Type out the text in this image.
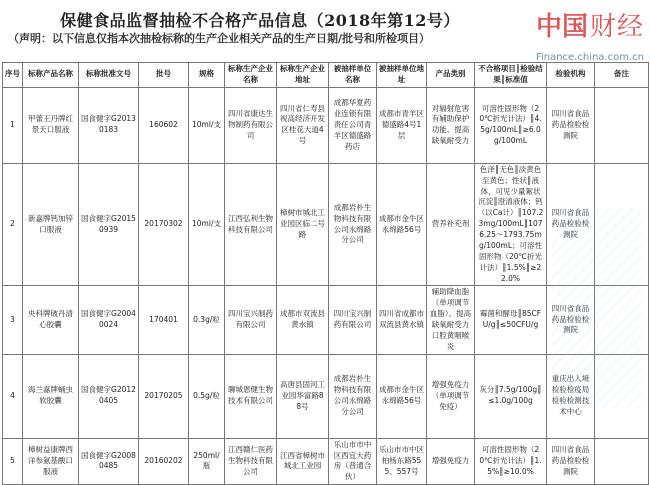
保健食品监督抽检不合格产品信息（2018年第12号）
（声明：以下信息仅指本次抽检标称的生产企业相关产品的生产日期/批号和所检项目）	中国 财经
Finance.china.com.cn
序号	标称产品名称	标称批准文号	批号	规格	标称生产企业名称	标称生产企业地址	被抽样单位名称	被抽样单位地址	产品类别	不合格项目║检验结果║标准值	检验机构	备注
1	甲蕾王丹牌红景天口服液	国食健字G20130183	160602	10ml/支	四川省康达生物制药有限公司	四川省仁寿县视高经济开发区桂花大道4号	成都华夏药业连锁有限责任公司青羊区德盛路药店	成都市青羊区德盛路4号1层	对辐射危害有辅助保护功能、提高缺氧耐受力	可溶性固形物（20℃折光计法）║4.5g/100mL║≥6.0g/100mL	四川省食品药品检验检测院	
2	新嘉牌钙加锌口服液	国食健字G20150939	20170302	10ml/支	江西弘利生物科技有限公司	樟树市城北工业园区临二号路	成都岩朴生物科技有限公司永绵路分公司	成都市金牛区永绵路56号	营养补充剂	色泽║无色║淡黄色至黄色；性状║液体，可见少量絮状沉淀║澄清液体；钙（以Ca计）║107.23mg/100mL║1076.25～1793.75mg/100mL；可溶性固形物（20℃折光计法）║1.5%║≥22.0%	四川省食品药品检验检测院	
3	央科牌破丹清心胶囊	国食健字G20040024	170401	0.3g/粒	四川宝兴制药有限公司	成都市双流县黄水镇	四川宝兴制药有限公司	四川省成都市双流县黄水镇	辅助降血脂（单项调节血脂）、提高缺氧耐受力口腔黄咽喉炎	霉菌和酵母║85CFU/g║≤50CFU/g	四川省食品药品检验检测院	
4	海兰嘉牌蛹虫软胶囊	国食健字G20120405	20170205	0.5g/粒	聊城恩健生物技术有限公司	高唐县固河工业园华富路88号	成都岩朴生物科技有限公司永绵路分公司	成都市金牛区永绵路56号	增强免疫力（单项调节免疫）	灰分║7.5g/100g║≤1.0g/100g	重庆出入境检验检疫局检验检测技术中心	
5	樟树益康牌西洋参氨基酸口服液	国食健字G20080485	20160202	250ml/瓶	江西赣仁医药生物科技有限公司	江西省樟树市城北工业园	乐山市市中区西宜大药房（普通合伙）	乐山市市中区柏杨东路555、557号	增强免疫力	可溶性固形物（20℃折光计法）║1.5%║≥10.0%	四川省食品药品检验检测院	
